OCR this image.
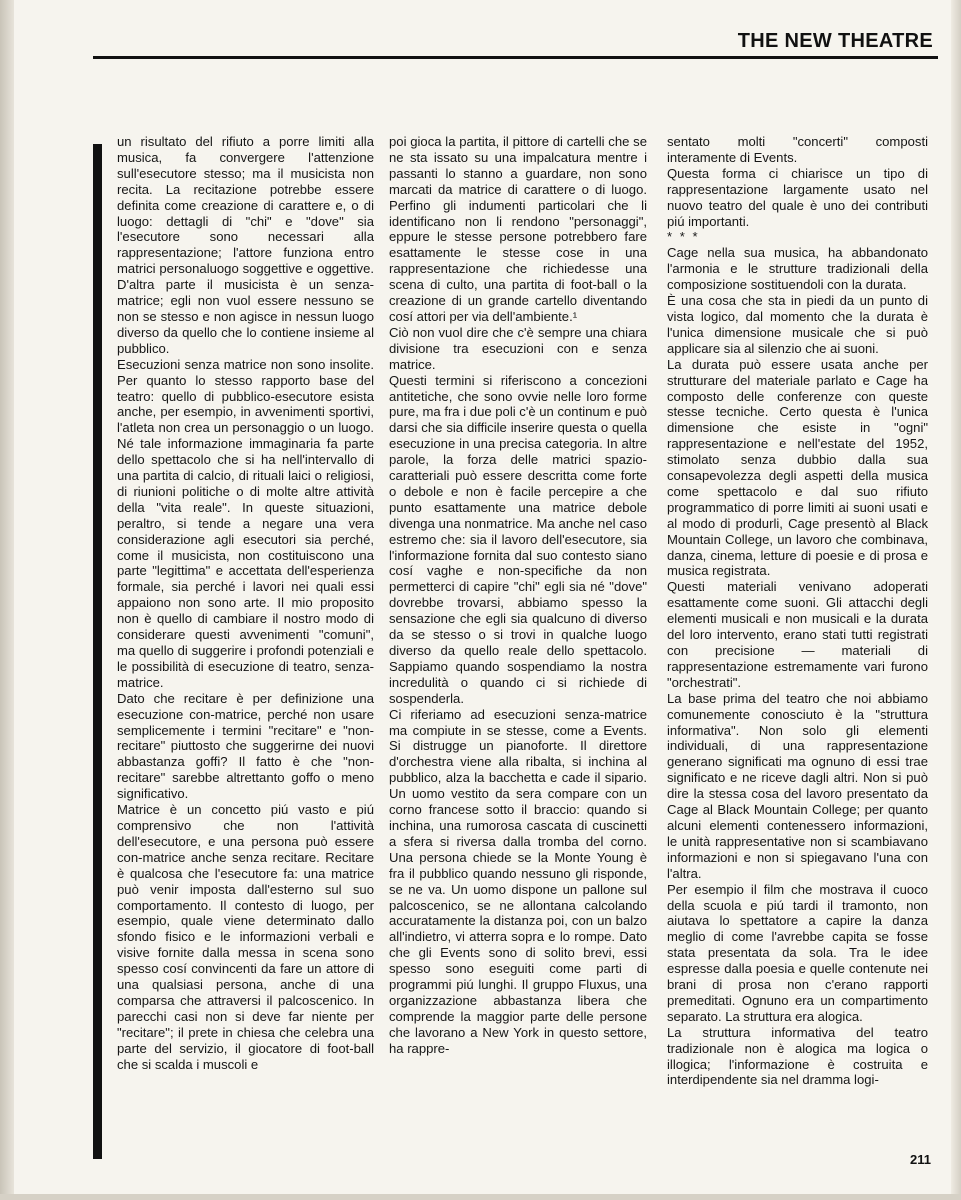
THE NEW THEATRE

un risultato del rifiuto a porre limiti alla musica, fa convergere l'attenzione sull'esecutore stesso; ma il musicista non recita. La recitazione potrebbe essere definita come creazione di carattere e, o di luogo: dettagli di "chi" e "dove" sia l'esecutore sono necessari alla rappresentazione; l'attore funziona entro matrici personaluogo soggettive e oggettive. D'altra parte il musicista è un senza-matrice; egli non vuol essere nessuno se non se stesso e non agisce in nessun luogo diverso da quello che lo contiene insieme al pubblico.

Esecuzioni senza matrice non sono insolite. Per quanto lo stesso rapporto base del teatro: quello di pubblico-esecutore esista anche, per esempio, in avvenimenti sportivi, l'atleta non crea un personaggio o un luogo. Né tale informazione immaginaria fa parte dello spettacolo che si ha nell'intervallo di una partita di calcio, di rituali laici o religiosi, di riunioni politiche o di molte altre attività della "vita reale". In queste situazioni, peraltro, si tende a negare una vera considerazione agli esecutori sia perché, come il musicista, non costituiscono una parte "legittima" e accettata dell'esperienza formale, sia perché i lavori nei quali essi appaiono non sono arte. Il mio proposito non è quello di cambiare il nostro modo di considerare questi avvenimenti "comuni", ma quello di suggerire i profondi potenziali e le possibilità di esecuzione di teatro, senza-matrice.

Dato che recitare è per definizione una esecuzione con-matrice, perché non usare semplicemente i termini "recitare" e "non-recitare" piuttosto che suggerirne dei nuovi abbastanza goffi? Il fatto è che "non-recitare" sarebbe altrettanto goffo o meno significativo.

Matrice è un concetto piú vasto e piú comprensivo che non l'attività dell'esecutore, e una persona può essere con-matrice anche senza recitare. Recitare è qualcosa che l'esecutore fa: una matrice può venir imposta dall'esterno sul suo comportamento. Il contesto di luogo, per esempio, quale viene determinato dallo sfondo fisico e le informazioni verbali e visive fornite dalla messa in scena sono spesso cosí convincenti da fare un attore di una qualsiasi persona, anche di una comparsa che attraversi il palcoscenico. In parecchi casi non si deve far niente per "recitare"; il prete in chiesa che celebra una parte del servizio, il giocatore di foot-ball che si scalda i muscoli e

poi gioca la partita, il pittore di cartelli che se ne sta issato su una impalcatura mentre i passanti lo stanno a guardare, non sono marcati da matrice di carattere o di luogo. Perfino gli indumenti particolari che li identificano non li rendono "personaggi", eppure le stesse persone potrebbero fare esattamente le stesse cose in una rappresentazione che richiedesse una scena di culto, una partita di foot-ball o la creazione di un grande cartello diventando cosí attori per via dell'ambiente.¹

Ciò non vuol dire che c'è sempre una chiara divisione tra esecuzioni con e senza matrice.

Questi termini si riferiscono a concezioni antitetiche, che sono ovvie nelle loro forme pure, ma fra i due poli c'è un continum e può darsi che sia difficile inserire questa o quella esecuzione in una precisa categoria. In altre parole, la forza delle matrici spazio-caratteriali può essere descritta come forte o debole e non è facile percepire a che punto esattamente una matrice debole divenga una nonmatrice. Ma anche nel caso estremo che: sia il lavoro dell'esecutore, sia l'informazione fornita dal suo contesto siano cosí vaghe e non-specifiche da non permetterci di capire "chi" egli sia né "dove" dovrebbe trovarsi, abbiamo spesso la sensazione che egli sia qualcuno di diverso da se stesso o si trovi in qualche luogo diverso da quello reale dello spettacolo. Sappiamo quando sospendiamo la nostra incredulità o quando ci si richiede di sospenderla.

Ci riferiamo ad esecuzioni senza-matrice ma compiute in se stesse, come a Events. Si distrugge un pianoforte. Il direttore d'orchestra viene alla ribalta, si inchina al pubblico, alza la bacchetta e cade il sipario. Un uomo vestito da sera compare con un corno francese sotto il braccio: quando si inchina, una rumorosa cascata di cuscinetti a sfera si riversa dalla tromba del corno. Una persona chiede se la Monte Young è fra il pubblico quando nessuno gli risponde, se ne va. Un uomo dispone un pallone sul palcoscenico, se ne allontana calcolando accuratamente la distanza poi, con un balzo all'indietro, vi atterra sopra e lo rompe. Dato che gli Events sono di solito brevi, essi spesso sono eseguiti come parti di programmi piú lunghi. Il gruppo Fluxus, una organizzazione abbastanza libera che comprende la maggior parte delle persone che lavorano a New York in questo settore, ha rappre-

sentato molti "concerti" composti interamente di Events.

Questa forma ci chiarisce un tipo di rappresentazione largamente usato nel nuovo teatro del quale è uno dei contributi piú importanti.

* * *

Cage nella sua musica, ha abbandonato l'armonia e le strutture tradizionali della composizione sostituendoli con la durata.

È una cosa che sta in piedi da un punto di vista logico, dal momento che la durata è l'unica dimensione musicale che si può applicare sia al silenzio che ai suoni.

La durata può essere usata anche per strutturare del materiale parlato e Cage ha composto delle conferenze con queste stesse tecniche. Certo questa è l'unica dimensione che esiste in "ogni" rappresentazione e nell'estate del 1952, stimolato senza dubbio dalla sua consapevolezza degli aspetti della musica come spettacolo e dal suo rifiuto programmatico di porre limiti ai suoni usati e al modo di produrli, Cage presentò al Black Mountain College, un lavoro che combinava, danza, cinema, letture di poesie e di prosa e musica registrata.

Questi materiali venivano adoperati esattamente come suoni. Gli attacchi degli elementi musicali e non musicali e la durata del loro intervento, erano stati tutti registrati con precisione — materiali di rappresentazione estremamente vari furono "orchestrati".

La base prima del teatro che noi abbiamo comunemente conosciuto è la "struttura informativa". Non solo gli elementi individuali, di una rappresentazione generano significati ma ognuno di essi trae significato e ne riceve dagli altri. Non si può dire la stessa cosa del lavoro presentato da Cage al Black Mountain College; per quanto alcuni elementi contenessero informazioni, le unità rappresentative non si scambiavano informazioni e non si spiegavano l'una con l'altra.

Per esempio il film che mostrava il cuoco della scuola e piú tardi il tramonto, non aiutava lo spettatore a capire la danza meglio di come l'avrebbe capita se fosse stata presentata da sola. Tra le idee espresse dalla poesia e quelle contenute nei brani di prosa non c'erano rapporti premeditati. Ognuno era un compartimento separato. La struttura era alogica.

La struttura informativa del teatro tradizionale non è alogica ma logica o illogica; l'informazione è costruita e interdipendente sia nel dramma logi-

211
